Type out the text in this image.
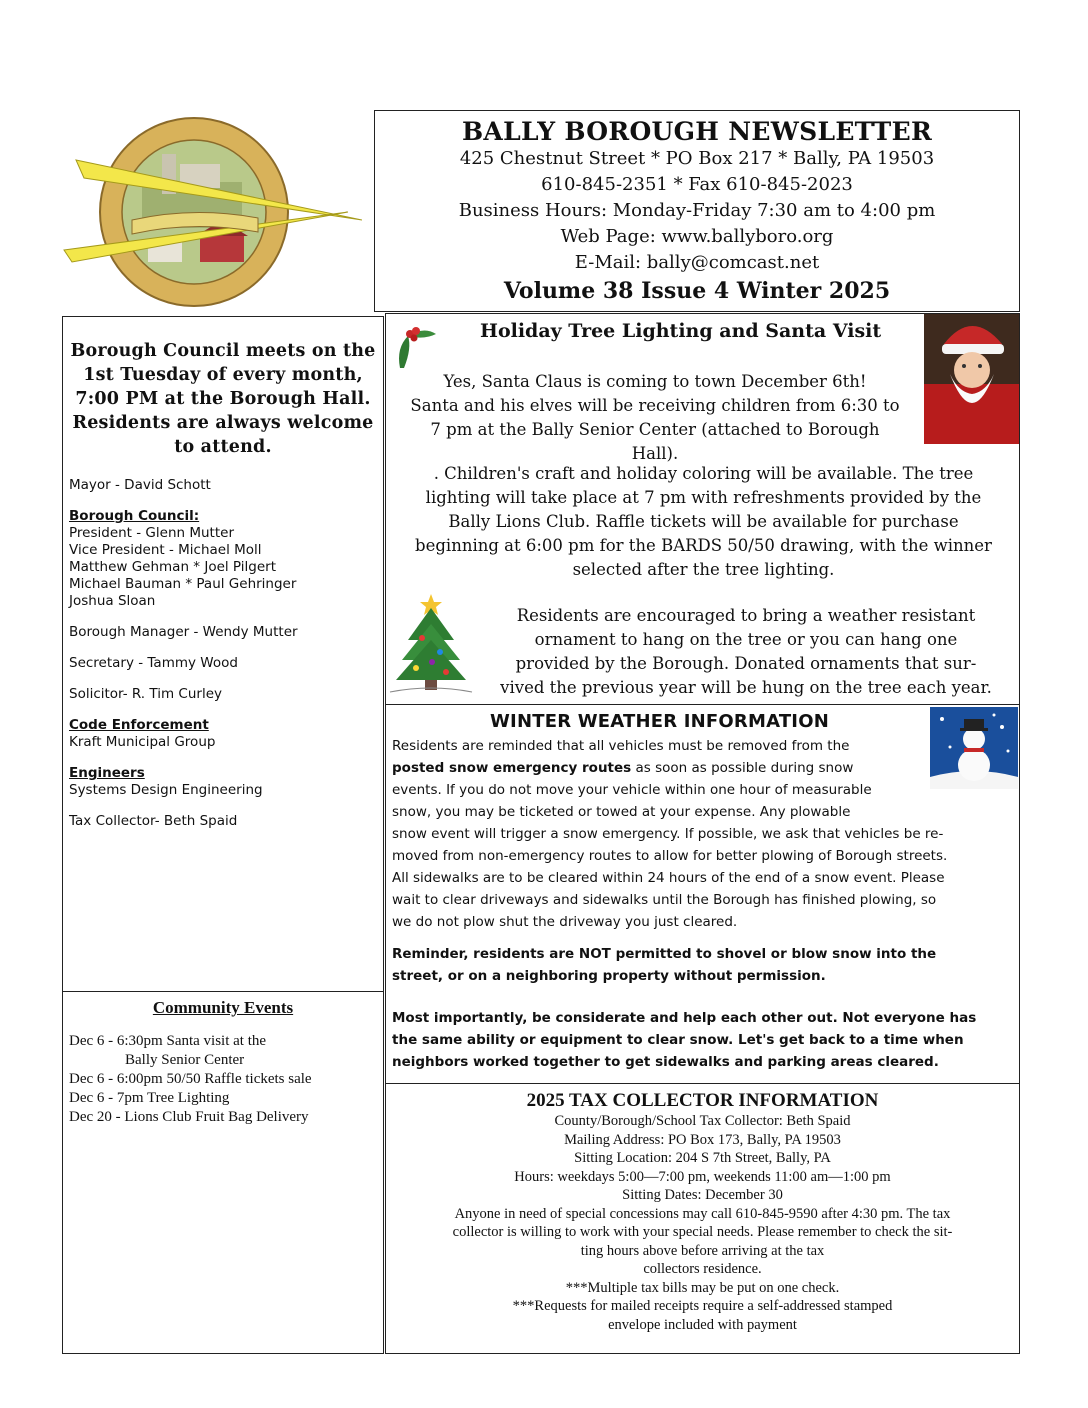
BALLY BOROUGH NEWSLETTER
425 Chestnut Street * PO Box 217 * Bally, PA 19503
610-845-2351 * Fax 610-845-2023
Business Hours: Monday-Friday 7:30 am to 4:00 pm
Web Page: www.ballyboro.org
E-Mail: bally@comcast.net
Volume 38 Issue 4 Winter 2025
Borough Council meets on the
1st Tuesday of every month,
7:00 PM at the Borough Hall.
Residents are always welcome
to attend.
Mayor - David Schott
Borough Council:
President - Glenn Mutter
Vice President - Michael Moll
Matthew Gehman * Joel Pilgert
Michael Bauman * Paul Gehringer
Joshua Sloan
Borough Manager - Wendy Mutter
Secretary - Tammy Wood
Solicitor- R. Tim Curley
Code Enforcement
Kraft Municipal Group
Engineers
Systems Design Engineering
Tax Collector- Beth Spaid
Community Events
Dec 6 - 6:30pm Santa visit at the
Bally Senior Center
Dec 6 - 6:00pm 50/50 Raffle tickets sale
Dec 6 - 7pm Tree Lighting
Dec 20 - Lions Club Fruit Bag Delivery
Holiday Tree Lighting and Santa Visit
Yes, Santa Claus is coming to town December 6th!
Santa and his elves will be receiving children from 6:30 to
7 pm at the Bally Senior Center (attached to Borough
Hall).
. Children's craft and holiday coloring will be available. The tree
lighting will take place at 7 pm with refreshments provided by the
Bally Lions Club. Raffle tickets will be available for purchase
beginning at 6:00 pm for the BARDS 50/50 drawing, with the winner
selected after the tree lighting.
Residents are encouraged to bring a weather resistant
ornament to hang on the tree or you can hang one
provided by the Borough. Donated ornaments that sur-
vived the previous year will be hung on the tree each year.
WINTER WEATHER INFORMATION
Residents are reminded that all vehicles must be removed from the
posted snow emergency routes as soon as possible during snow
events. If you do not move your vehicle within one hour of measurable
snow, you may be ticketed or towed at your expense. Any plowable
snow event will trigger a snow emergency. If possible, we ask that vehicles be re-
moved from non-emergency routes to allow for better plowing of Borough streets.
All sidewalks are to be cleared within 24 hours of the end of a snow event. Please
wait to clear driveways and sidewalks until the Borough has finished plowing, so
we do not plow shut the driveway you just cleared.
Reminder, residents are NOT permitted to shovel or blow snow into the
street, or on a neighboring property without permission.
Most importantly, be considerate and help each other out. Not everyone has
the same ability or equipment to clear snow. Let's get back to a time when
neighbors worked together to get sidewalks and parking areas cleared.
2025 TAX COLLECTOR INFORMATION
County/Borough/School Tax Collector: Beth Spaid
Mailing Address: PO Box 173, Bally, PA 19503
Sitting Location: 204 S 7th Street, Bally, PA
Hours: weekdays 5:00—7:00 pm, weekends 11:00 am—1:00 pm
Sitting Dates: December 30
Anyone in need of special concessions may call 610-845-9590 after 4:30 pm. The tax
collector is willing to work with your special needs. Please remember to check the sit-
ting hours above before arriving at the tax
collectors residence.
***Multiple tax bills may be put on one check.
***Requests for mailed receipts require a self-addressed stamped
envelope included with payment
